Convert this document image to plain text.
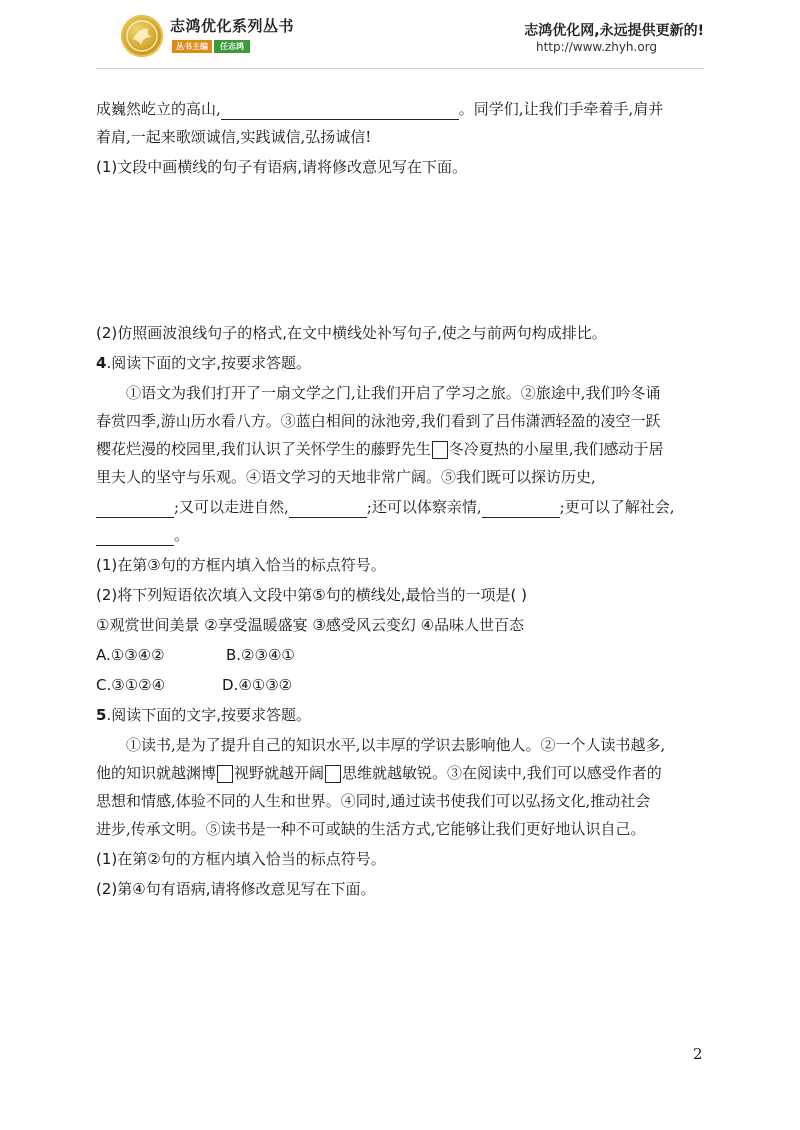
志鸿优化系列丛书
丛书主编 任志鸿
志鸿优化网,永远提供更新的!
http://www.zhyh.org
成巍然屹立的高山,	。同学们,让我们手牵着手,肩并
着肩,一起来歌颂诚信,实践诚信,弘扬诚信!
(1)文段中画横线的句子有语病,请将修改意见写在下面。
(2)仿照画波浪线句子的格式,在文中横线处补写句子,使之与前两句构成排比。
4.阅读下面的文字,按要求答题。
①语文为我们打开了一扇文学之门,让我们开启了学习之旅。②旅途中,我们吟冬诵
春赏四季,游山历水看八方。③蓝白相间的泳池旁,我们看到了吕伟潇洒轻盈的凌空一跃
樱花烂漫的校园里,我们认识了关怀学生的藤野先生 冬冷夏热的小屋里,我们感动于居
里夫人的坚守与乐观。④语文学习的天地非常广阔。⑤我们既可以探访历史,
;又可以走进自然,	;还可以体察亲情,	;更可以了解社会,
。
(1)在第③句的方框内填入恰当的标点符号。
(2)将下列短语依次填入文段中第⑤句的横线处,最恰当的一项是( )
①观赏世间美景 ②享受温暖盛宴 ③感受风云变幻 ④品味人世百态
A.①③④②	B.②③④①
C.③①②④	D.④①③②
5.阅读下面的文字,按要求答题。
①读书,是为了提升自己的知识水平,以丰厚的学识去影响他人。②一个人读书越多,
他的知识就越渊博 视野就越开阔 思维就越敏锐。③在阅读中,我们可以感受作者的
思想和情感,体验不同的人生和世界。④同时,通过读书使我们可以弘扬文化,推动社会
进步,传承文明。⑤读书是一种不可或缺的生活方式,它能够让我们更好地认识自己。
(1)在第②句的方框内填入恰当的标点符号。
(2)第④句有语病,请将修改意见写在下面。
2
